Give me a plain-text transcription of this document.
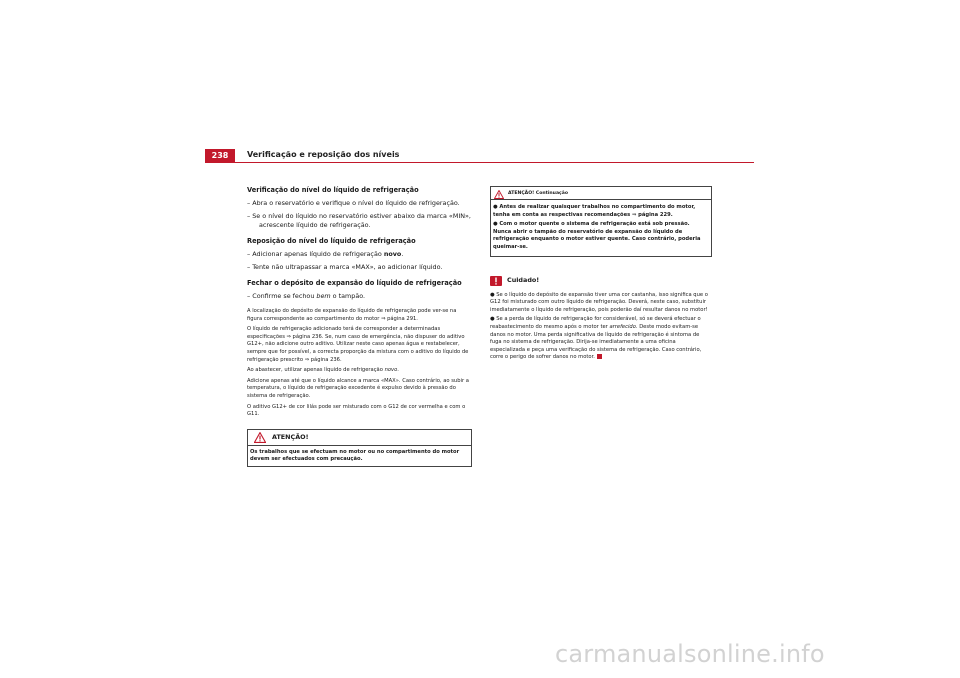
238	Verificação e reposição dos níveis
Verificação do nível do líquido de refrigeração
– Abra o reservatório e verifique o nível do líquido de refrigeração.
– Se o nível do líquido no reservatório estiver abaixo da marca «MIN», acrescente líquido de refrigeração.
Reposição do nível do líquido de refrigeração
– Adicionar apenas líquido de refrigeração novo.
– Tente não ultrapassar a marca «MAX», ao adicionar líquido.
Fechar o depósito de expansão do líquido de refrigeração
– Confirme se fechou bem o tampão.
A localização do depósito de expansão do líquido de refrigeração pode ver-se na figura correspondente ao compartimento do motor ⇒ página 291.
O líquido de refrigeração adicionado terá de corresponder a determinadas especificações ⇒ página 236. Se, num caso de emergência, não dispuser do aditivo G12+, não adicione outro aditivo. Utilizar neste caso apenas água e restabelecer, sempre que for possível, a correcta proporção da mistura com o aditivo do líquido de refrigeração prescrito ⇒ página 236.
Ao abastecer, utilizar apenas líquido de refrigeração novo.
Adicione apenas até que o líquido alcance a marca «MAX». Caso contrário, ao subir a temperatura, o líquido de refrigeração excedente é expulso devido à pressão do sistema de refrigeração.
O aditivo G12+ de cor lilás pode ser misturado com o G12 de cor vermelha e com o G11.
ATENÇÃO!
Os trabalhos que se efectuam no motor ou no compartimento do motor devem ser efectuados com precaução.
ATENÇÃO! Continuação
● Antes de realizar quaisquer trabalhos no compartimento do motor, tenha em conta as respectivas recomendações ⇒ página 229.
● Com o motor quente o sistema de refrigeração está sob pressão. Nunca abrir o tampão do reservatório de expansão do líquido de refrigeração enquanto o motor estiver quente. Caso contrário, poderia queimar-se.
Cuidado!
● Se o líquido do depósito de expansão tiver uma cor castanha, isso significa que o G12 foi misturado com outro líquido de refrigeração. Deverá, neste caso, substituir imediatamente o líquido de refrigeração, pois poderão daí resultar danos no motor!
● Se a perda de líquido de refrigeração for considerável, só se deverá efectuar o reabastecimento do mesmo após o motor ter arrefecido. Deste modo evitam-se danos no motor. Uma perda significativa de líquido de refrigeração é sintoma de fuga no sistema de refrigeração. Dirija-se imediatamente a uma oficina especializada e peça uma verificação do sistema de refrigeração. Caso contrário, corre o perigo de sofrer danos no motor.
carmanualsonline.info
